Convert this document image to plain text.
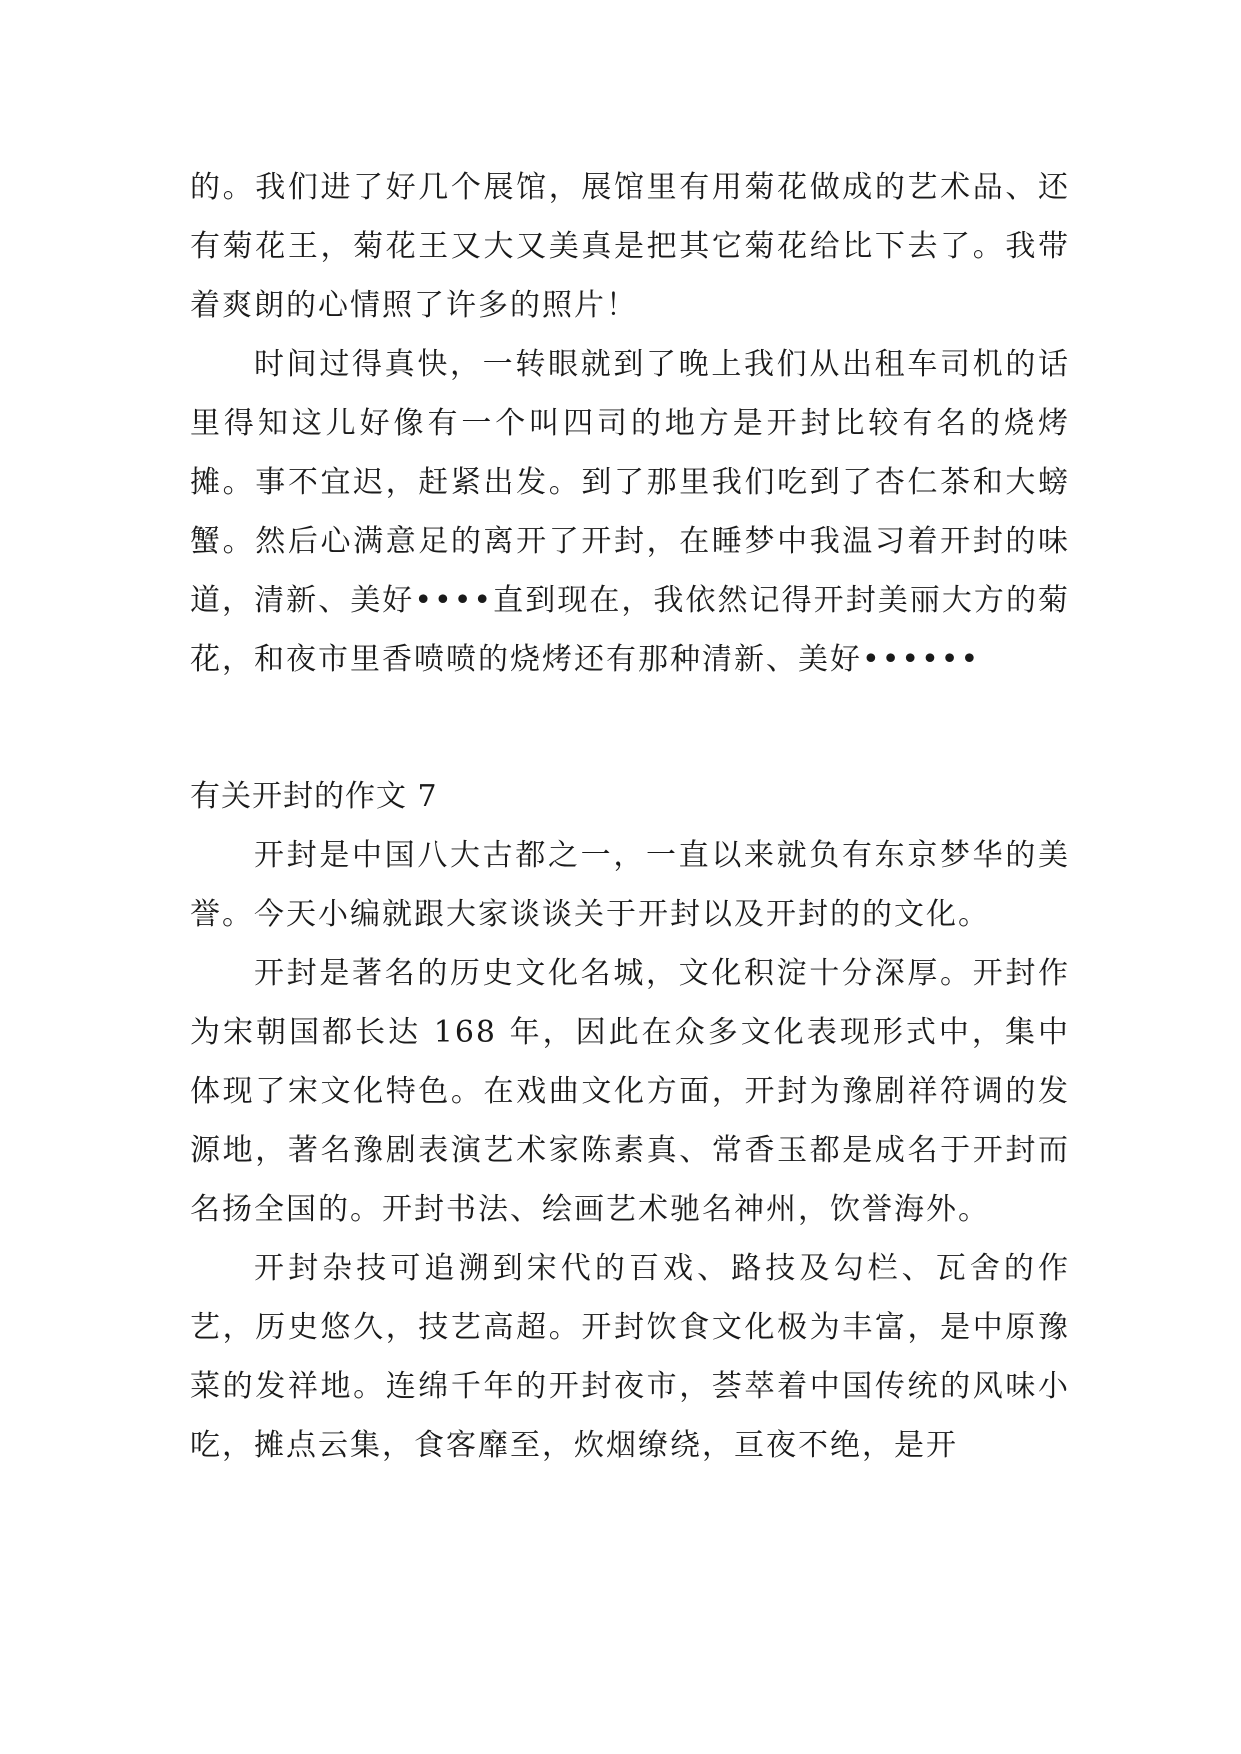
的。我们进了好几个展馆，展馆里有用菊花做成的艺术品、还有菊花王，菊花王又大又美真是把其它菊花给比下去了。我带着爽朗的心情照了许多的照片！

时间过得真快，一转眼就到了晚上我们从出租车司机的话里得知这儿好像有一个叫四司的地方是开封比较有名的烧烤摊。事不宜迟，赶紧出发。到了那里我们吃到了杏仁茶和大螃蟹。然后心满意足的离开了开封，在睡梦中我温习着开封的味道，清新、美好••••直到现在，我依然记得开封美丽大方的菊花，和夜市里香喷喷的烧烤还有那种清新、美好••••••

有关开封的作文 7

开封是中国八大古都之一，一直以来就负有东京梦华的美誉。今天小编就跟大家谈谈关于开封以及开封的的文化。

开封是著名的历史文化名城，文化积淀十分深厚。开封作为宋朝国都长达 168 年，因此在众多文化表现形式中，集中体现了宋文化特色。在戏曲文化方面，开封为豫剧祥符调的发源地，著名豫剧表演艺术家陈素真、常香玉都是成名于开封而名扬全国的。开封书法、绘画艺术驰名神州，饮誉海外。

开封杂技可追溯到宋代的百戏、路技及勾栏、瓦舍的作艺，历史悠久，技艺高超。开封饮食文化极为丰富，是中原豫菜的发祥地。连绵千年的开封夜市，荟萃着中国传统的风味小吃，摊点云集，食客靡至，炊烟缭绕，亘夜不绝，是开
